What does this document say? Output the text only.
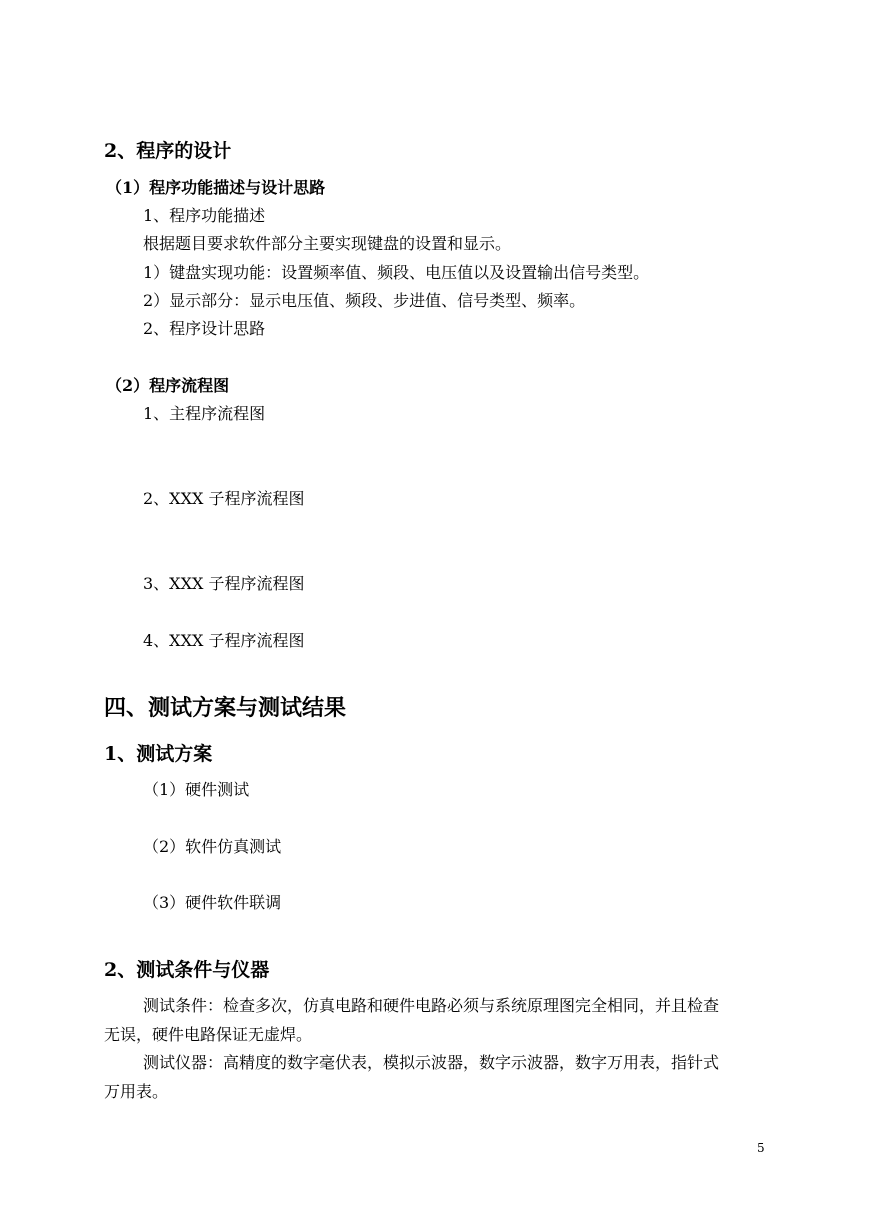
2、程序的设计
（1）程序功能描述与设计思路
1、程序功能描述
根据题目要求软件部分主要实现键盘的设置和显示。
1）键盘实现功能：设置频率值、频段、电压值以及设置输出信号类型。
2）显示部分：显示电压值、频段、步进值、信号类型、频率。
2、程序设计思路
（2）程序流程图
1、主程序流程图
2、XXX 子程序流程图
3、XXX 子程序流程图
4、XXX 子程序流程图
四、测试方案与测试结果
1、测试方案
（1）硬件测试
（2）软件仿真测试
（3）硬件软件联调
2、测试条件与仪器
测试条件：检查多次，仿真电路和硬件电路必须与系统原理图完全相同，并且检查
无误，硬件电路保证无虚焊。
测试仪器：高精度的数字毫伏表，模拟示波器，数字示波器，数字万用表，指针式
万用表。
5
